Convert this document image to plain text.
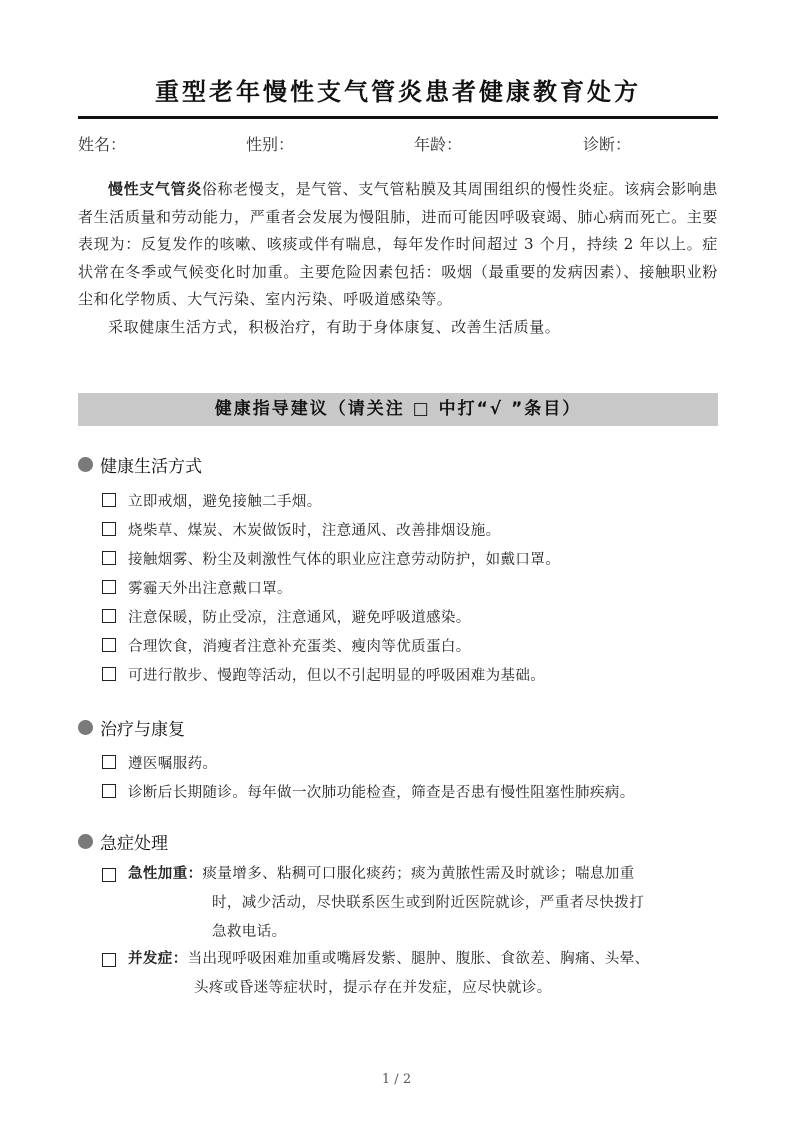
重型老年慢性支气管炎患者健康教育处方
姓名：	性别：	年龄：	诊断：

慢性支气管炎俗称老慢支，是气管、支气管粘膜及其周围组织的慢性炎症。该病会影响患者生活质量和劳动能力，严重者会发展为慢阻肺，进而可能因呼吸衰竭、肺心病而死亡。主要表现为：反复发作的咳嗽、咳痰或伴有喘息，每年发作时间超过 3 个月，持续 2 年以上。症状常在冬季或气候变化时加重。主要危险因素包括：吸烟（最重要的发病因素）、接触职业粉尘和化学物质、大气污染、室内污染、呼吸道感染等。

采取健康生活方式，积极治疗，有助于身体康复、改善生活质量。

健康指导建议（请关注 □ 中打“√ ”条目）
健康生活方式
立即戒烟，避免接触二手烟。
烧柴草、煤炭、木炭做饭时，注意通风、改善排烟设施。
接触烟雾、粉尘及刺激性气体的职业应注意劳动防护，如戴口罩。
雾霾天外出注意戴口罩。
注意保暖，防止受凉，注意通风，避免呼吸道感染。
合理饮食，消瘦者注意补充蛋类、瘦肉等优质蛋白。
可进行散步、慢跑等活动，但以不引起明显的呼吸困难为基础。
治疗与康复
遵医嘱服药。
诊断后长期随诊。每年做一次肺功能检查，筛查是否患有慢性阻塞性肺疾病。
急症处理
急性加重： 痰量增多、粘稠可口服化痰药；痰为黄脓性需及时就诊；喘息加重
时，减少活动，尽快联系医生或到附近医院就诊，严重者尽快拨打
急救电话。
并发症： 当出现呼吸困难加重或嘴唇发紫、腿肿、腹胀、食欲差、胸痛、头晕、
头疼或昏迷等症状时，提示存在并发症，应尽快就诊。
1 / 2
